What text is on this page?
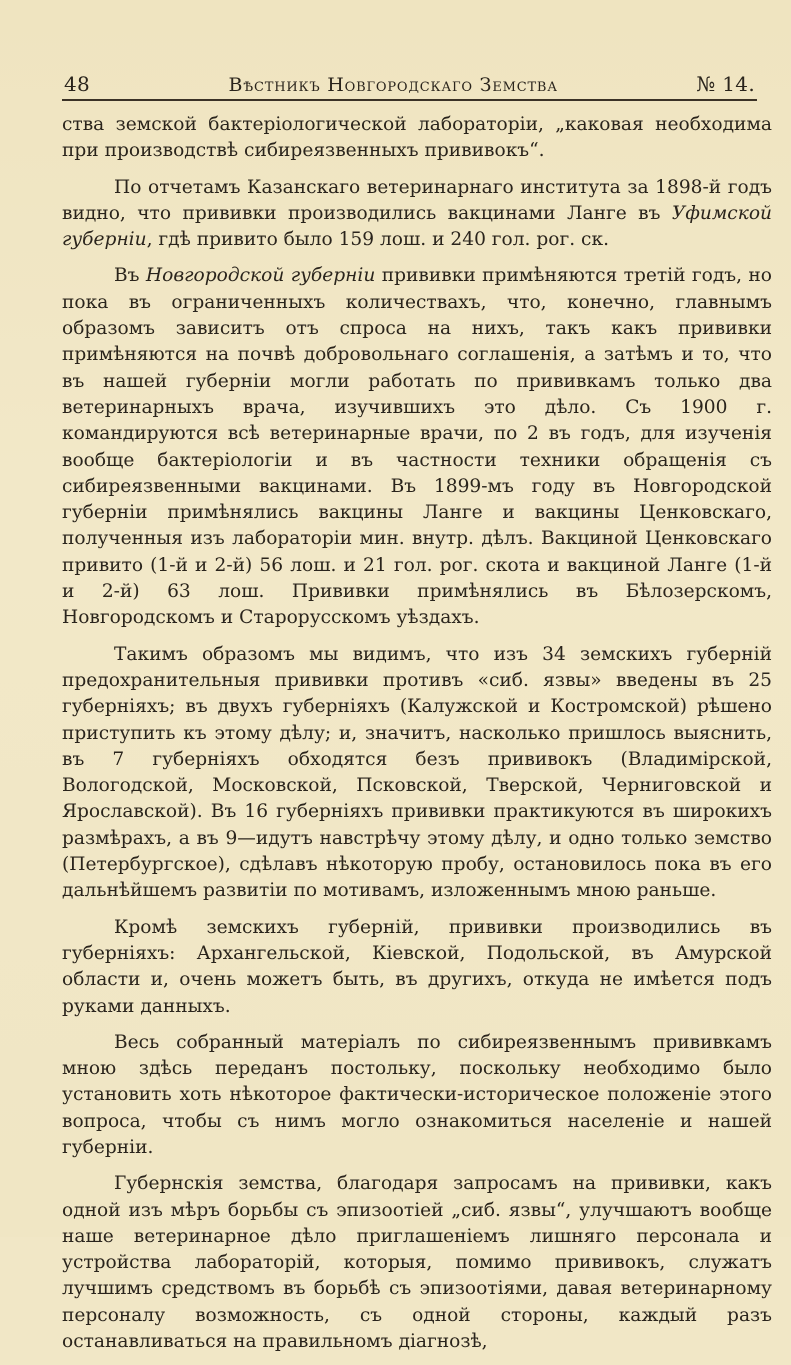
48	Вѣстникъ Новгородскаго Земства	№ 14.

ства земской бактеріологической лабораторіи, „каковая необходима при производствѣ сибиреязвенныхъ прививокъ“.

По отчетамъ Казанскаго ветеринарнаго института за 1898-й годъ видно, что прививки производились вакцинами Ланге въ Уфимской губерніи, гдѣ привито было 159 лош. и 240 гол. рог. ск.

Въ Новгородской губерніи прививки примѣняются третій годъ, но пока въ ограниченныхъ количествахъ, что, конечно, главнымъ образомъ зависитъ отъ спроса на нихъ, такъ какъ прививки примѣняются на почвѣ добровольнаго соглашенія, а затѣмъ и то, что въ нашей губерніи могли работать по прививкамъ только два ветеринарныхъ врача, изучившихъ это дѣло. Съ 1900 г. командируются всѣ ветеринарные врачи, по 2 въ годъ, для изученія вообще бактеріологіи и въ частности техники обращенія съ сибиреязвенными вакцинами. Въ 1899-мъ году въ Новгородской губерніи примѣнялись вакцины Ланге и вакцины Ценковскаго, полученныя изъ лабораторіи мин. внутр. дѣлъ. Вакциной Ценковскаго привито (1-й и 2-й) 56 лош. и 21 гол. рог. скота и вакциной Ланге (1-й и 2-й) 63 лош. Прививки примѣнялись въ Бѣлозерскомъ, Новгородскомъ и Старорусскомъ уѣздахъ.

Такимъ образомъ мы видимъ, что изъ 34 земскихъ губерній предохранительныя прививки противъ «сиб. язвы» введены въ 25 губерніяхъ; въ двухъ губерніяхъ (Калужской и Костромской) рѣшено приступить къ этому дѣлу; и, значитъ, насколько пришлось выяснить, въ 7 губерніяхъ обходятся безъ прививокъ (Владимірской, Вологодской, Московской, Псковской, Тверской, Черниговской и Ярославской). Въ 16 губерніяхъ прививки практикуются въ широкихъ размѣрахъ, а въ 9—идутъ навстрѣчу этому дѣлу, и одно только земство (Петербургское), сдѣлавъ нѣкоторую пробу, остановилось пока въ его дальнѣйшемъ развитіи по мотивамъ, изложеннымъ мною раньше.

Кромѣ земскихъ губерній, прививки производились въ губерніяхъ: Архангельской, Кіевской, Подольской, въ Амурской области и, очень можетъ быть, въ другихъ, откуда не имѣется подъ руками данныхъ.

Весь собранный матеріалъ по сибиреязвеннымъ прививкамъ мною здѣсь переданъ постольку, поскольку необходимо было установить хоть нѣкоторое фактически-историческое положеніе этого вопроса, чтобы съ нимъ могло ознакомиться населеніе и нашей губерніи.

Губернскія земства, благодаря запросамъ на прививки, какъ одной изъ мѣръ борьбы съ эпизоотіей „сиб. язвы“, улучшаютъ вообще наше ветеринарное дѣло приглашеніемъ лишняго персонала и устройства лабораторій, которыя, помимо прививокъ, служатъ лучшимъ средствомъ въ борьбѣ съ эпизоотіями, давая ветеринарному персоналу возможность, съ одной стороны, каждый разъ останавливаться на правильномъ діагнозѣ,
